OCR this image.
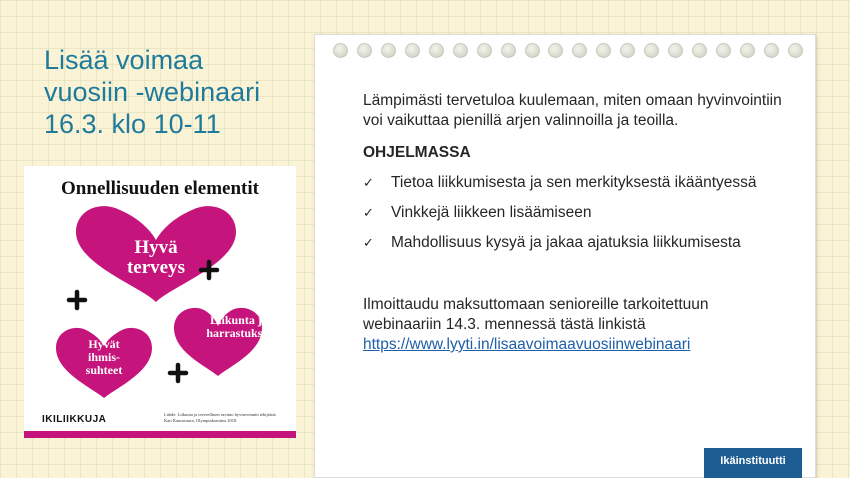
Lisää voimaa
vuosiin -webinaari
16.3. klo 10-11
Onnellisuuden elementit
Hyvä
terveys
Liikunta ja
harrastukset
Hyvät
ihmis-
suhteet
IKILIIKKUJA	Lähde: Liikunta ja terveellinen ravinto hyvinvoinnin tekijöinä.
Kati Kauravaara, Olympiakomitea 2018.

Lämpimästi tervetuloa kuulemaan, miten omaan hyvinvointiin voi vaikuttaa pienillä arjen valinnoilla ja teoilla.

OHJELMASSA

✓ Tietoa liikkumisesta ja sen merkityksestä ikääntyessä
✓ Vinkkejä liikkeen lisäämiseen
✓ Mahdollisuus kysyä ja jakaa ajatuksia liikkumisesta

Ilmoittaudu maksuttomaan senioreille tarkoitettuun webinaariin 14.3. mennessä tästä linkistä

https://www.lyyti.in/lisaavoimaavuosiinwebinaari
Ikäinstituutti
